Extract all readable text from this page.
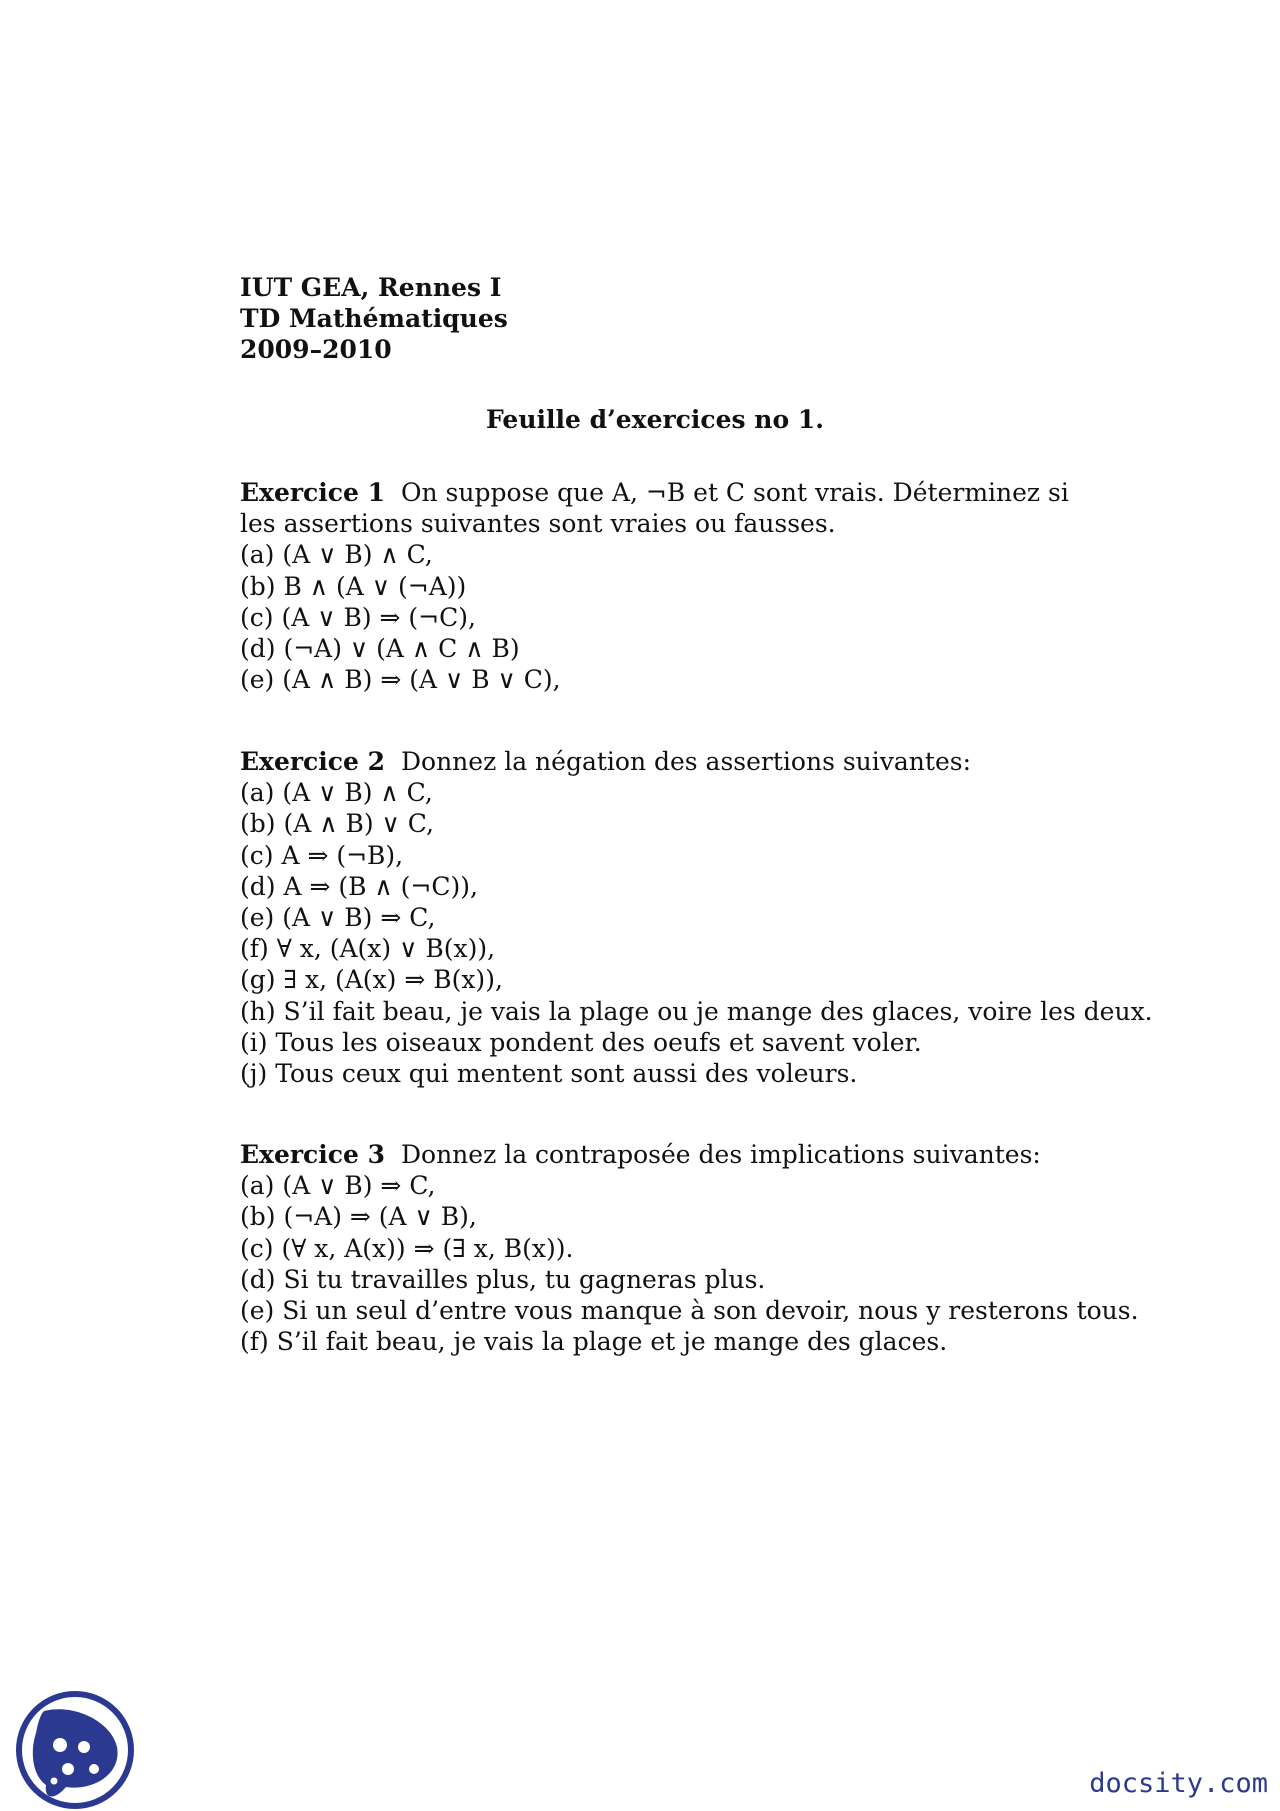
IUT GEA, Rennes I
TD Mathématiques
2009–2010
Feuille d’exercices no 1.
Exercice 1 On suppose que A, ¬B et C sont vrais. Déterminez si les assertions suivantes sont vraies ou fausses.
(a) (A ∨ B) ∧ C,
(b) B ∧ (A ∨ (¬A))
(c) (A ∨ B) ⇒ (¬C),
(d) (¬A) ∨ (A ∧ C ∧ B)
(e) (A ∧ B) ⇒ (A ∨ B ∨ C),
Exercice 2 Donnez la négation des assertions suivantes:
(a) (A ∨ B) ∧ C,
(b) (A ∧ B) ∨ C,
(c) A ⇒ (¬B),
(d) A ⇒ (B ∧ (¬C)),
(e) (A ∨ B) ⇒ C,
(f) ∀ x, (A(x) ∨ B(x)),
(g) ∃ x, (A(x) ⇒ B(x)),
(h) S’il fait beau, je vais la plage ou je mange des glaces, voire les deux.
(i) Tous les oiseaux pondent des oeufs et savent voler.
(j) Tous ceux qui mentent sont aussi des voleurs.
Exercice 3 Donnez la contraposée des implications suivantes:
(a) (A ∨ B) ⇒ C,
(b) (¬A) ⇒ (A ∨ B),
(c) (∀ x, A(x)) ⇒ (∃ x, B(x)).
(d) Si tu travailles plus, tu gagneras plus.
(e) Si un seul d’entre vous manque à son devoir, nous y resterons tous.
(f) S’il fait beau, je vais la plage et je mange des glaces.
docsity.com
